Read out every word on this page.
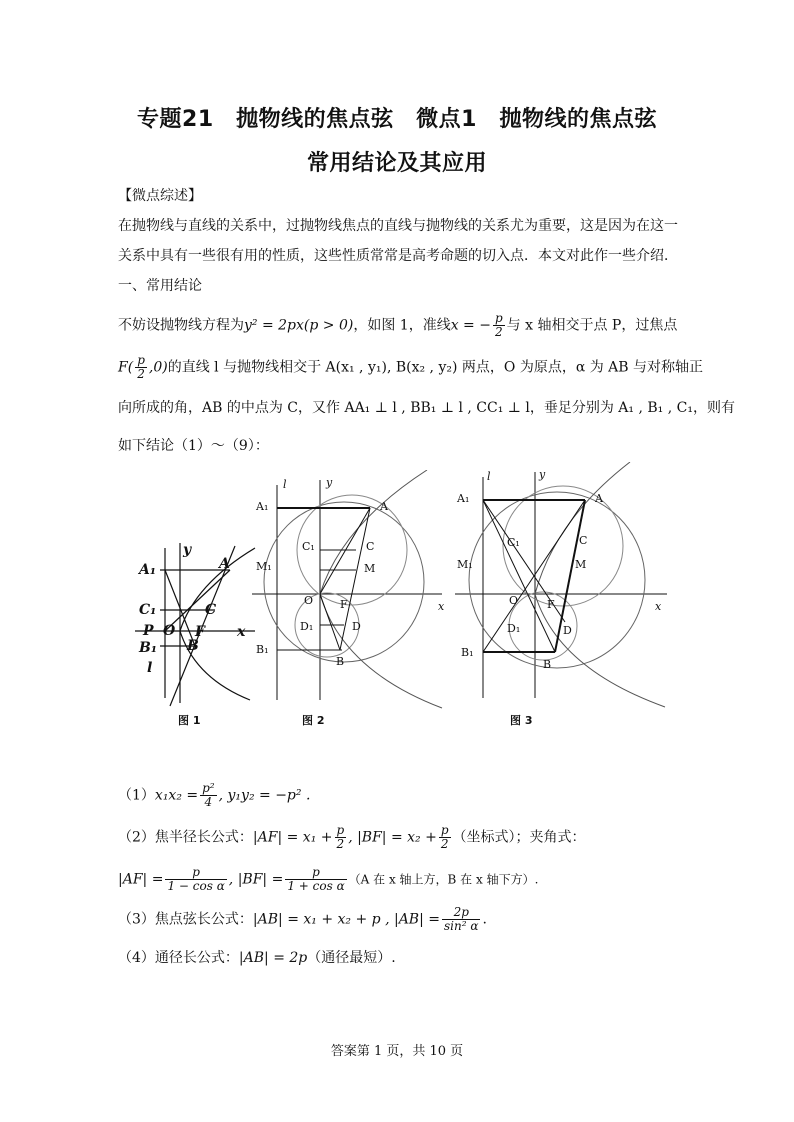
专题21　抛物线的焦点弦　微点1　抛物线的焦点弦
常用结论及其应用
【微点综述】
在抛物线与直线的关系中，过抛物线焦点的直线与抛物线的关系尤为重要，这是因为在这一
关系中具有一些很有用的性质，这些性质常常是高考命题的切入点．本文对此作一些介绍．
一、常用结论
不妨设抛物线方程为y² = 2px(p > 0)，如图 1，准线x = − $\frac{p}{2}$ 与 x 轴相交于点 P，过焦点
$F( \frac{p}{2} ,0)$的直线 l 与抛物线相交于 A(x₁ , y₁), B(x₂ , y₂) 两点，O 为原点，α 为 AB 与对称轴正
向所成的角，AB 的中点为 C，又作 AA₁ ⊥ l , BB₁ ⊥ l , CC₁ ⊥ l，垂足分别为 A₁ , B₁ , C₁，则有
如下结论（1）～（9）：
A₁	A
C₁	C
P O F x
y
B₁ B
l
图 1
A₁	A
l	y
C₁	C
M₁	M
O F	x
D₁	D
B₁
B
图 2
A₁	A
l	y
C₁	C
M₁	M
O	F	x
D₁	D
B₁
B
图 3
$(1)x_1x_2 = \frac{\text{p²}}{4}$ , y₁y₂ = −p² .
（2）焦半径长公式：$|AF| = x_1 + \frac{p}{2}$ , $|BF| = x_2 + \frac{p}{2}$ （坐标式）；夹角式：
$|AF| = \frac{p}{\text{1 − cos α}}$ , $|BF| = \frac{p}{\text{1 + cos α}} (A$ 在 x 轴上方，B 在 x 轴下方）.
（3）焦点弦长公式：|AB| = x₁ + x₂ + p , $|AB| = \frac{2p}{\text{sin² α}}$ .
（4）通径长公式：|AB| = 2p（通径最短）.
答案第 1 页，共 10 页
